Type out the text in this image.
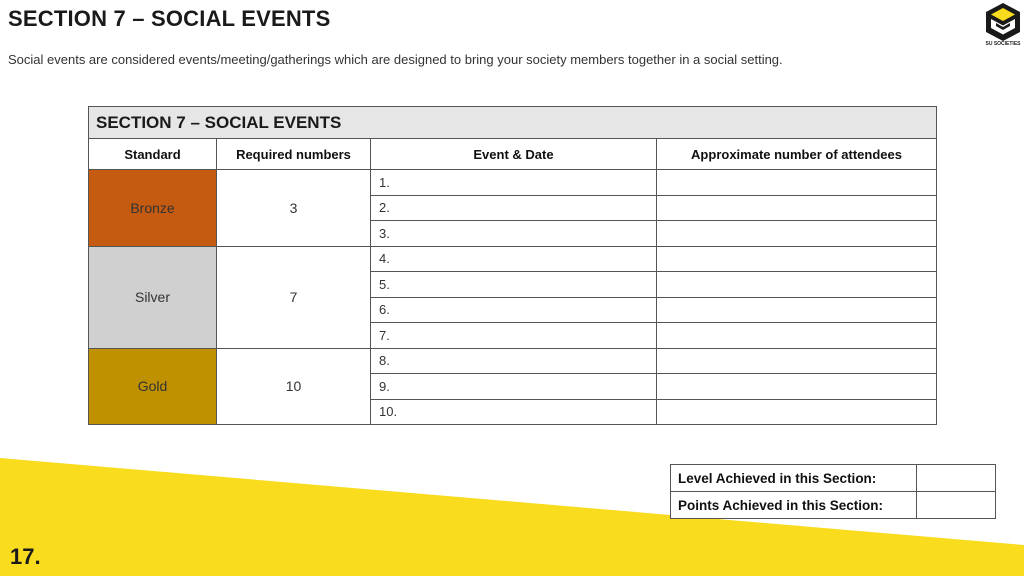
SECTION 7 – SOCIAL EVENTS
Social events are considered events/meeting/gatherings which are designed to bring your society members together in a social setting.
SU SOCIETIES
SECTION 7 – SOCIAL EVENTS			
Standard	Required numbers	Event & Date	Approximate number of attendees
Bronze	3	1.	
		2.	
		3.	
Silver	7	4.	
		5.	
		6.	
		7.	
Gold	10	8.	
		9.	
		10.	
Level Achieved in this Section:	
Points Achieved in this Section:	
17.
